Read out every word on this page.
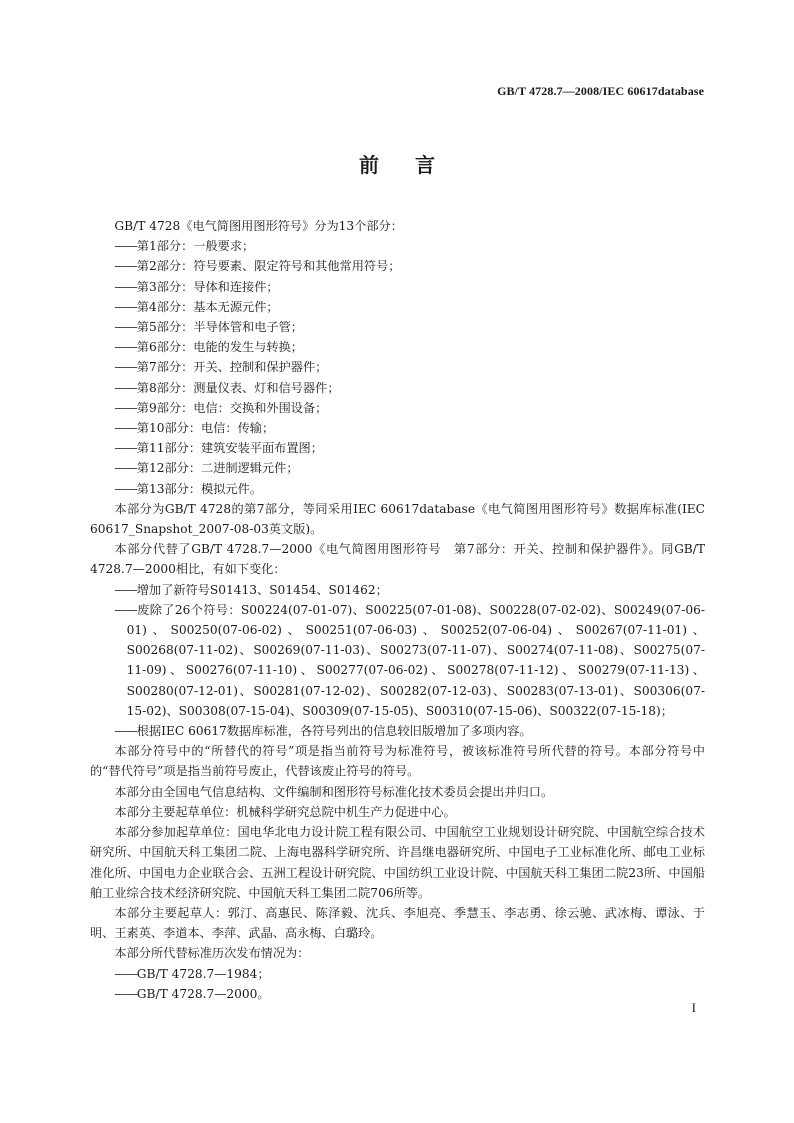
GB/T 4728.7—2008/IEC 60617database
前言

GB/T 4728《电气简图用图形符号》分为13个部分：

——第1部分：一般要求；

——第2部分：符号要素、限定符号和其他常用符号；

——第3部分：导体和连接件；

——第4部分：基本无源元件；

——第5部分：半导体管和电子管；

——第6部分：电能的发生与转换；

——第7部分：开关、控制和保护器件；

——第8部分：测量仪表、灯和信号器件；

——第9部分：电信：交换和外围设备；

——第10部分：电信：传输；

——第11部分：建筑安装平面布置图；

——第12部分：二进制逻辑元件；

——第13部分：模拟元件。

本部分为GB/T 4728的第7部分，等同采用IEC 60617database《电气简图用图形符号》数据库标准(IEC 60617_Snapshot_2007-08-03英文版)。

本部分代替了GB/T 4728.7—2000《电气简图用图形符号　第7部分：开关、控制和保护器件》。同GB/T 4728.7—2000相比，有如下变化：

——增加了新符号S01413、S01454、S01462；

——废除了26个符号：S00224(07-01-07)、S00225(07-01-08)、S00228(07-02-02)、S00249(07-06-01)、S00250(07-06-02)、S00251(07-06-03)、S00252(07-06-04)、S00267(07-11-01)、S00268(07-11-02)、S00269(07-11-03)、S00273(07-11-07)、S00274(07-11-08)、S00275(07-11-09)、S00276(07-11-10)、S00277(07-06-02)、S00278(07-11-12)、S00279(07-11-13)、S00280(07-12-01)、S00281(07-12-02)、S00282(07-12-03)、S00283(07-13-01)、S00306(07-15-02)、S00308(07-15-04)、S00309(07-15-05)、S00310(07-15-06)、S00322(07-15-18)；

——根据IEC 60617数据库标准，各符号列出的信息较旧版增加了多项内容。

本部分符号中的“所替代的符号”项是指当前符号为标准符号，被该标准符号所代替的符号。本部分符号中的“替代符号”项是指当前符号废止，代替该废止符号的符号。

本部分由全国电气信息结构、文件编制和图形符号标准化技术委员会提出并归口。

本部分主要起草单位：机械科学研究总院中机生产力促进中心。

本部分参加起草单位：国电华北电力设计院工程有限公司、中国航空工业规划设计研究院、中国航空综合技术研究所、中国航天科工集团二院、上海电器科学研究所、许昌继电器研究所、中国电子工业标准化所、邮电工业标准化所、中国电力企业联合会、五洲工程设计研究院、中国纺织工业设计院、中国航天科工集团二院23所、中国船舶工业综合技术经济研究院、中国航天科工集团二院706所等。

本部分主要起草人：郭汀、高惠民、陈泽毅、沈兵、李旭亮、季慧玉、李志勇、徐云驰、武冰梅、谭泳、于明、王素英、李道本、李萍、武晶、高永梅、白璐玲。

本部分所代替标准历次发布情况为：

——GB/T 4728.7—1984；

——GB/T 4728.7—2000。

I
